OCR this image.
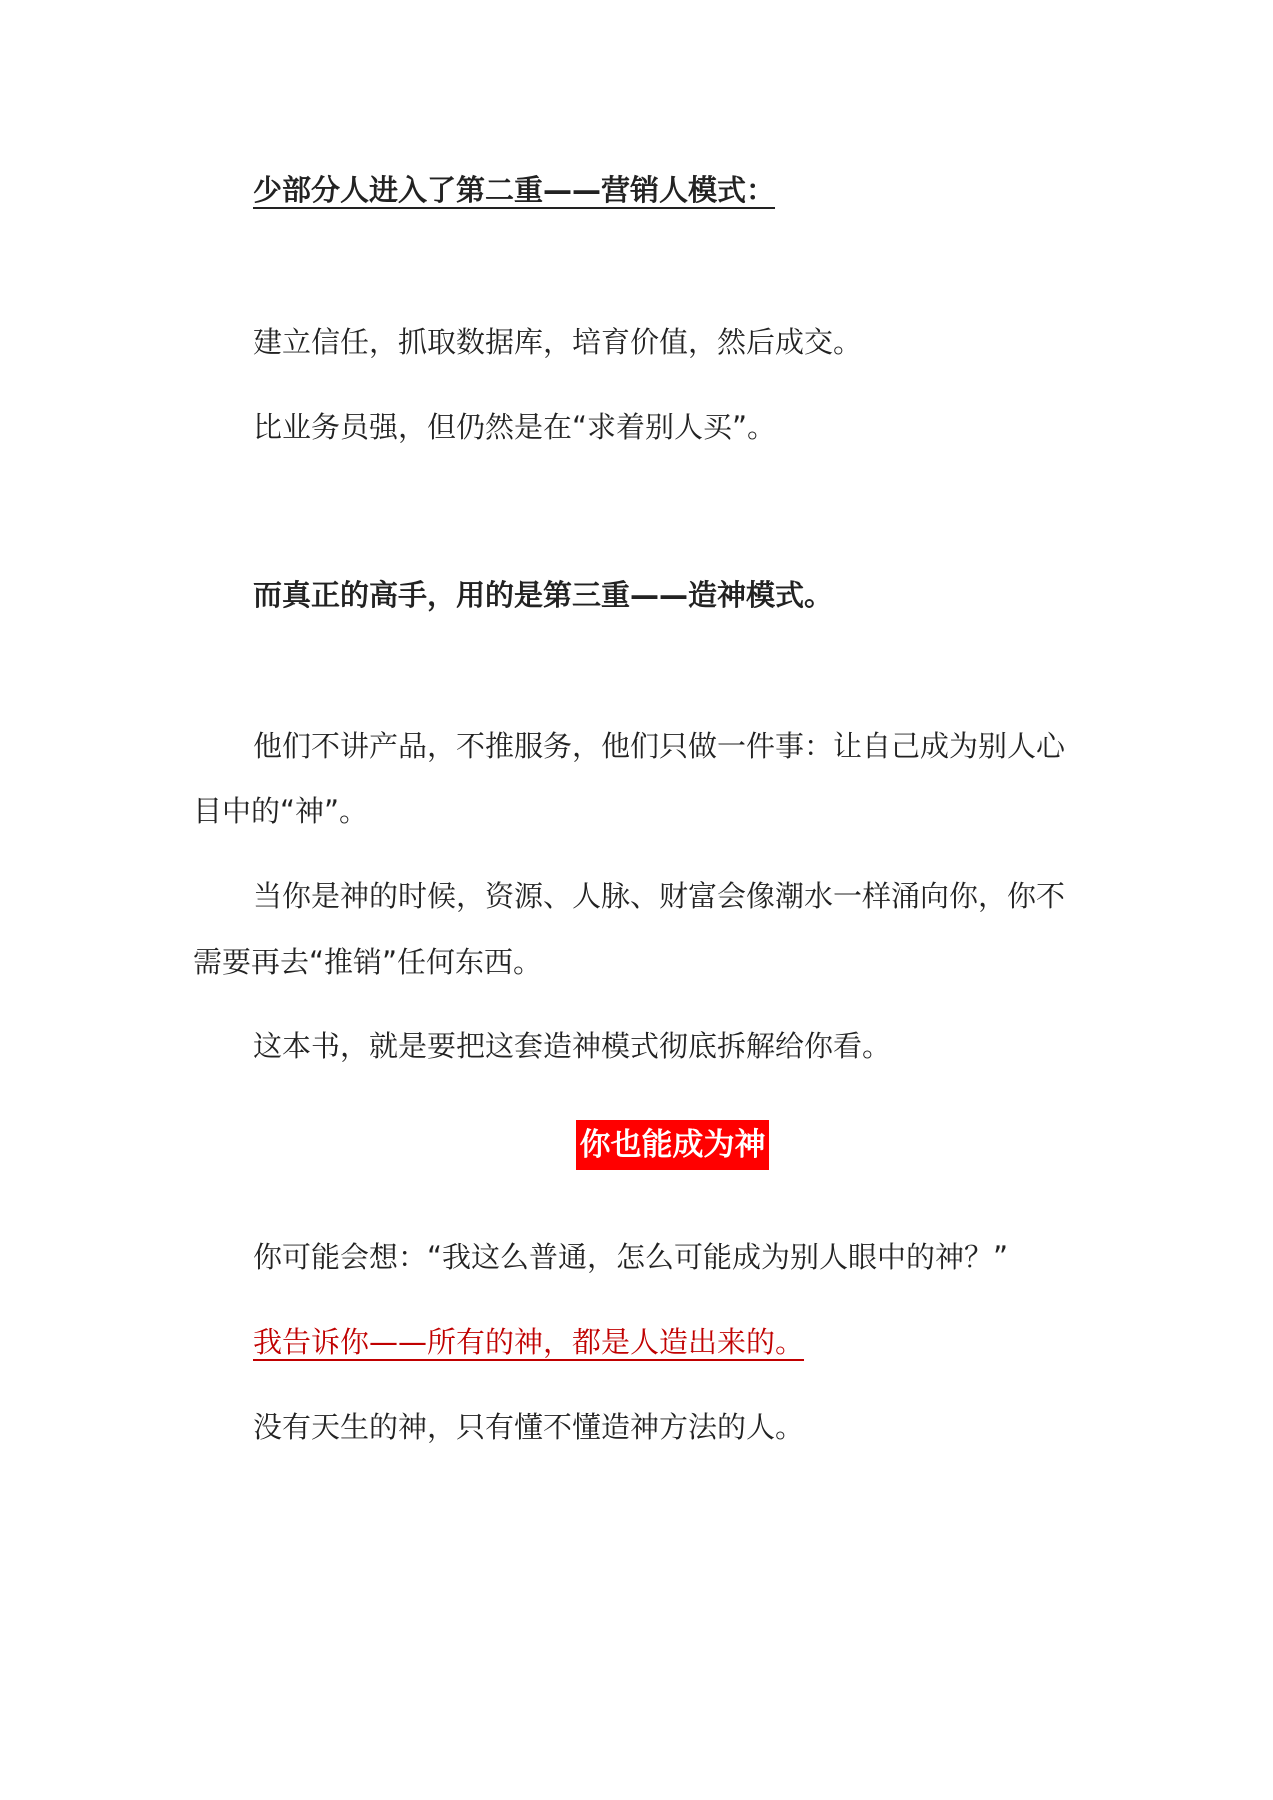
少部分人进入了第二重——营销人模式：
建立信任，抓取数据库，培育价值，然后成交。
比业务员强，但仍然是在“求着别人买”。
而真正的高手，用的是第三重——造神模式。
他们不讲产品，不推服务，他们只做一件事：让自己成为别人心
目中的“神”。
当你是神的时候，资源、人脉、财富会像潮水一样涌向你，你不
需要再去“推销”任何东西。
这本书，就是要把这套造神模式彻底拆解给你看。
你也能成为神
你可能会想：“我这么普通，怎么可能成为别人眼中的神？”
我告诉你——所有的神，都是人造出来的。
没有天生的神，只有懂不懂造神方法的人。
